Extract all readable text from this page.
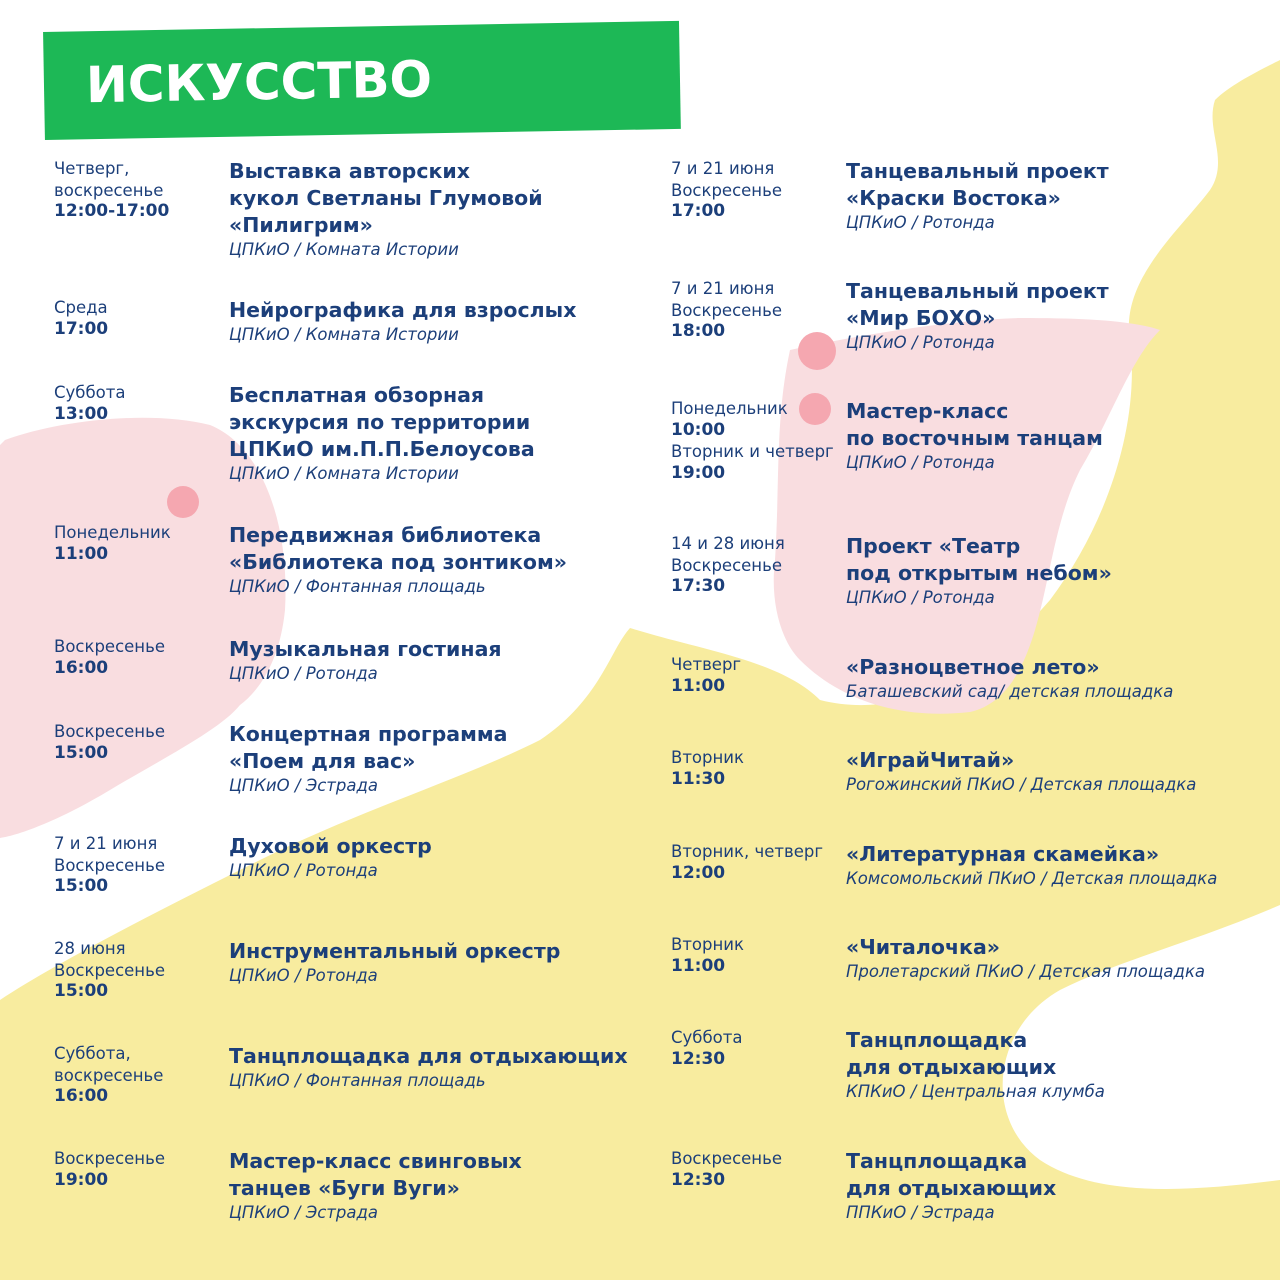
ИСКУССТВО
Четверг,
воскресенье
12:00-17:00
Выставка авторских
кукол Светланы Глумовой
«Пилигрим»
ЦПКиО / Комната Истории
Среда
17:00
Нейрографика для взрослых
ЦПКиО / Комната Истории
Суббота
13:00
Бесплатная обзорная
экскурсия по территории
ЦПКиО им.П.П.Белоусова
ЦПКиО / Комната Истории
Понедельник
11:00
Передвижная библиотека
«Библиотека под зонтиком»
ЦПКиО / Фонтанная площадь
Воскресенье
16:00
Музыкальная гостиная
ЦПКиО / Ротонда
Воскресенье
15:00
Концертная программа
«Поем для вас»
ЦПКиО / Эстрада
7 и 21 июня
Воскресенье
15:00
Духовой оркестр
ЦПКиО / Ротонда
28 июня
Воскресенье
15:00
Инструментальный оркестр
ЦПКиО / Ротонда
Суббота,
воскресенье
16:00
Танцплощадка для отдыхающих
ЦПКиО / Фонтанная площадь
Воскресенье
19:00
Мастер-класс свинговых
танцев «Буги Вуги»
ЦПКиО / Эстрада
7 и 21 июня
Воскресенье
17:00
Танцевальный проект
«Краски Востока»
ЦПКиО / Ротонда
7 и 21 июня
Воскресенье
18:00
Танцевальный проект
«Мир БОХО»
ЦПКиО / Ротонда
Понедельник
10:00
Вторник и четверг
19:00
Мастер-класс
по восточным танцам
ЦПКиО / Ротонда
14 и 28 июня
Воскресенье
17:30
Проект «Театр
под открытым небом»
ЦПКиО / Ротонда
Четверг
11:00
«Разноцветное лето»
Баташевский сад/ детская площадка
Вторник
11:30
«ИграйЧитай»
Рогожинский ПКиО / Детская площадка
Вторник, четверг
12:00
«Литературная скамейка»
Комсомольский ПКиО / Детская площадка
Вторник
11:00
«Читалочка»
Пролетарский ПКиО / Детская площадка
Суббота
12:30
Танцплощадка
для отдыхающих
КПКиО / Центральная клумба
Воскресенье
12:30
Танцплощадка
для отдыхающих
ППКиО / Эстрада
